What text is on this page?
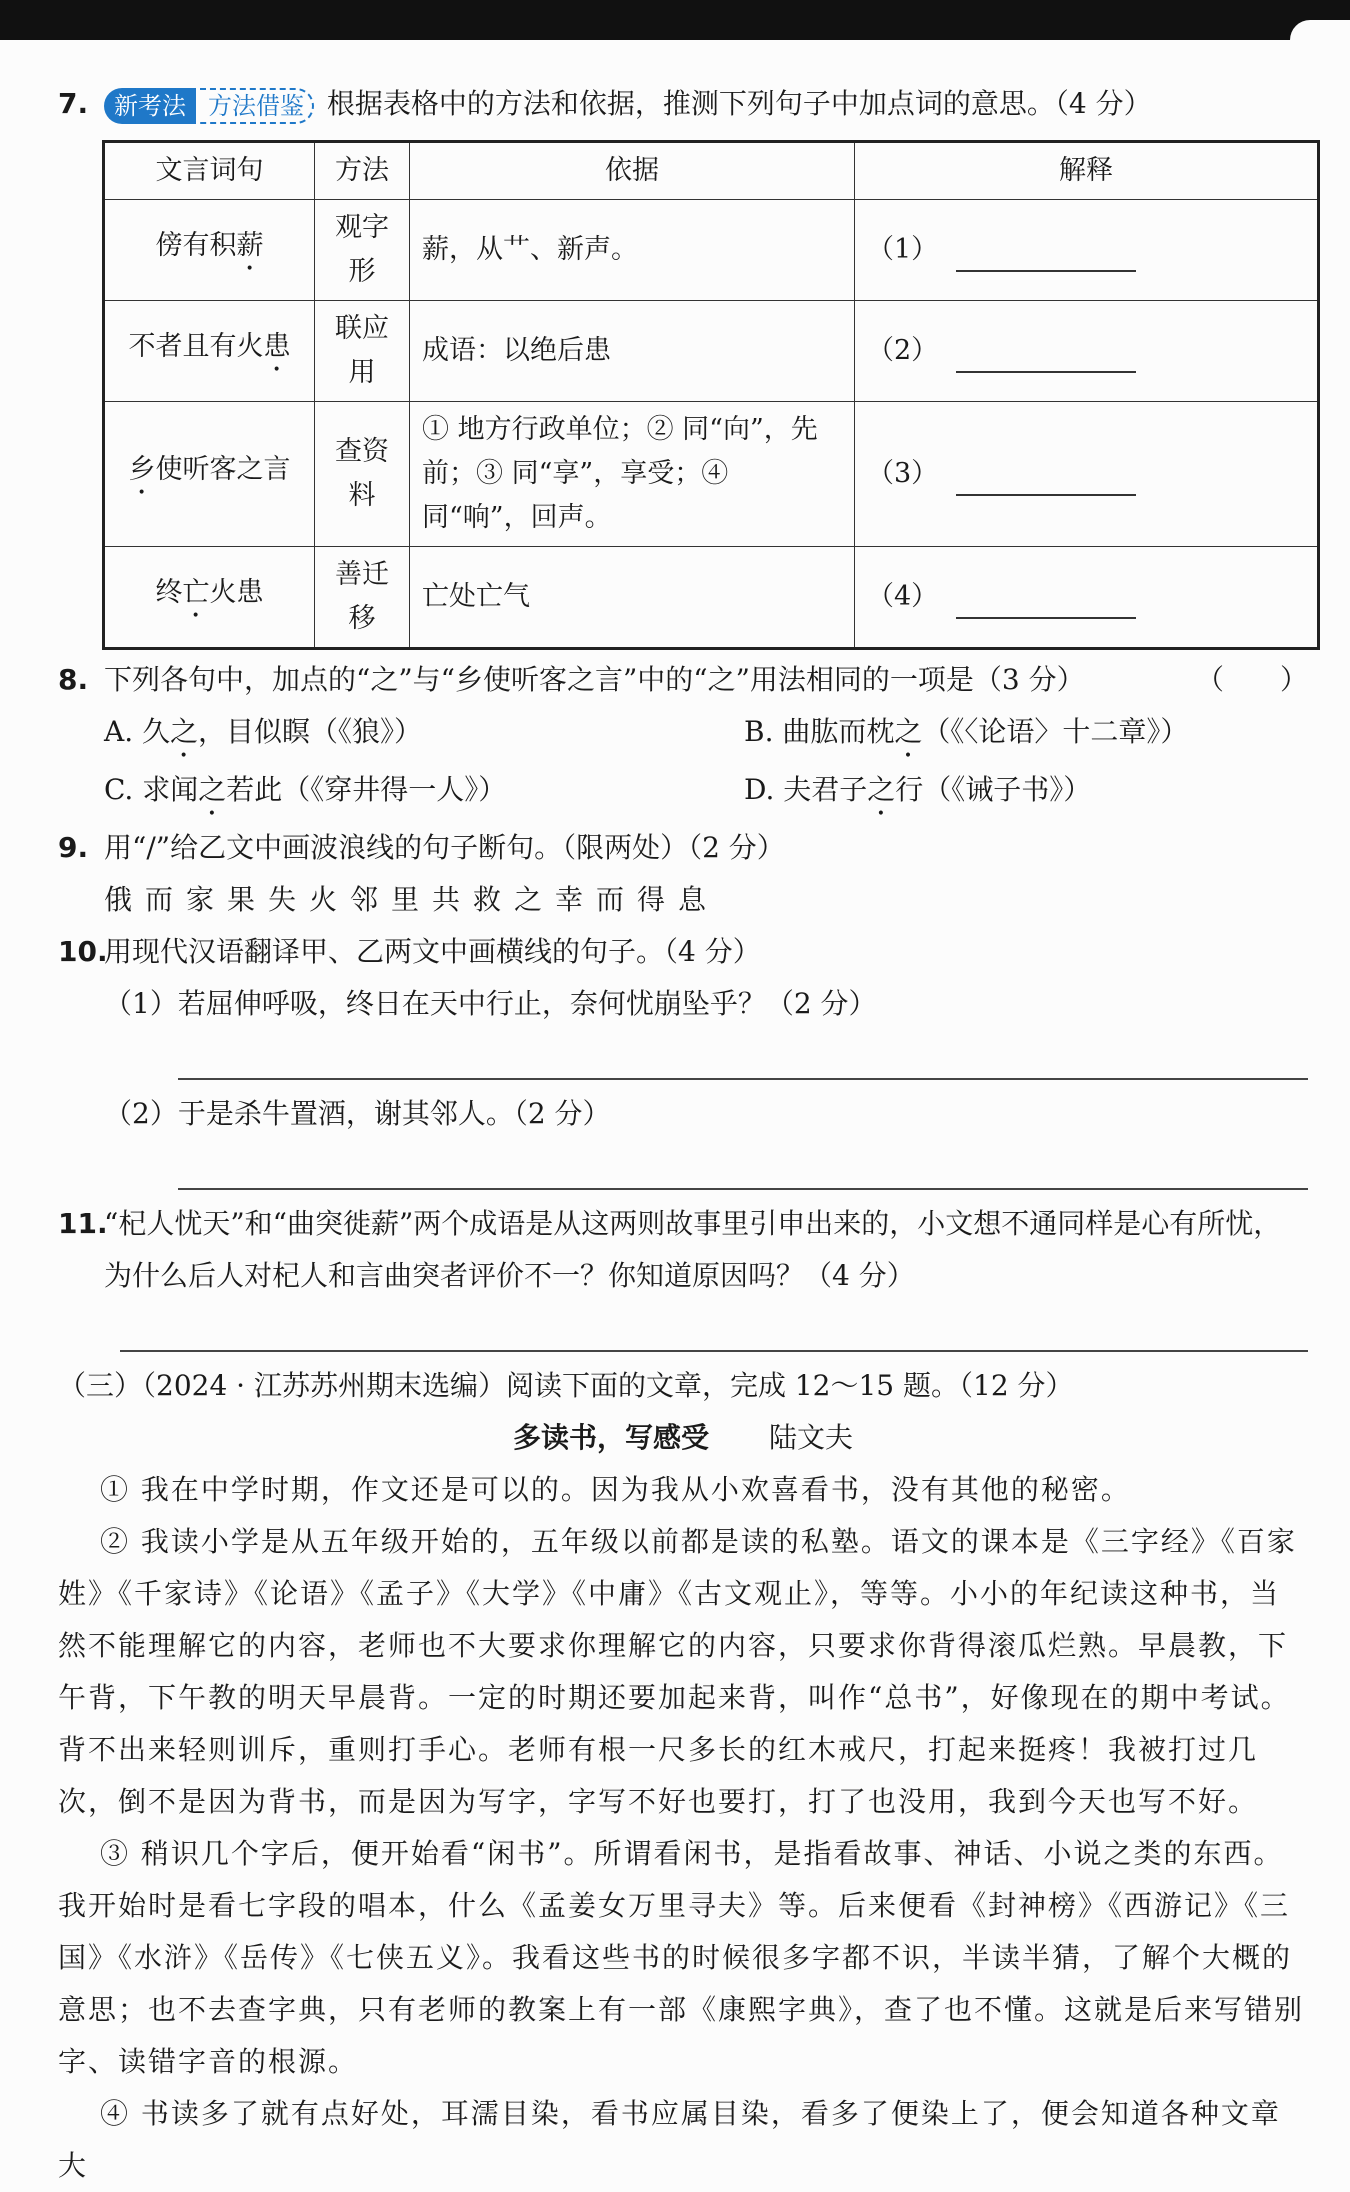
7. 新考法 方法借鉴 根据表格中的方法和依据，推测下列句子中加点词的意思。（4 分）
文言词句	方法	依据	解释
傍有积薪	观字形	薪，从艹、新声。	（1）
不者且有火患	联应用	成语：以绝后患	（2）
乡使听客之言	查资料	① 地方行政单位；② 同“向”，先前；③ 同“享”，享受；④ 同“响”，回声。	（3）
终亡火患	善迁移	亡处亡气	（4）
8. 下列各句中，加点的“之”与“乡使听客之言”中的“之”用法相同的一项是（3 分）	（　　）

A. 久之，目似瞑（《狼》）	B. 曲肱而枕之（《〈论语〉十二章》）

C. 求闻之若此（《穿井得一人》）	D. 夫君子之行（《诫子书》）

9. 用“/”给乙文中画波浪线的句子断句。（限两处）（2 分）
俄而家果失火邻里共救之幸而得息
10.
用现代汉语翻译甲、乙两文中画横线的句子。（4 分）
（1）若屈伸呼吸，终日在天中行止，奈何忧崩坠乎？（2 分）
（2）于是杀牛置酒，谢其邻人。（2 分）
11.
“杞人忧天”和“曲突徙薪”两个成语是从这两则故事里引申出来的，小文想不通同样是心有所忧，为什么后人对杞人和言曲突者评价不一？你知道原因吗？（4 分）
（三）（2024 · 江苏苏州期末选编）阅读下面的文章，完成 12～15 题。（12 分）
多读书，写感受 陆文夫

① 我在中学时期，作文还是可以的。因为我从小欢喜看书，没有其他的秘密。

② 我读小学是从五年级开始的，五年级以前都是读的私塾。语文的课本是《三字经》《百家姓》《千家诗》《论语》《孟子》《大学》《中庸》《古文观止》，等等。小小的年纪读这种书，当然不能理解它的内容，老师也不大要求你理解它的内容，只要求你背得滚瓜烂熟。早晨教，下午背，下午教的明天早晨背。一定的时期还要加起来背，叫作“总书”，好像现在的期中考试。背不出来轻则训斥，重则打手心。老师有根一尺多长的红木戒尺，打起来挺疼！我被打过几次，倒不是因为背书，而是因为写字，字写不好也要打，打了也没用，我到今天也写不好。

③ 稍识几个字后，便开始看“闲书”。所谓看闲书，是指看故事、神话、小说之类的东西。我开始时是看七字段的唱本，什么《孟姜女万里寻夫》等。后来便看《封神榜》《西游记》《三国》《水浒》《岳传》《七侠五义》。我看这些书的时候很多字都不识，半读半猜，了解个大概的意思；也不去查字典，只有老师的教案上有一部《康熙字典》，查了也不懂。这就是后来写错别字、读错字音的根源。

④ 书读多了就有点好处，耳濡目染，看书应属目染，看多了便染上了，便会知道各种文章大
